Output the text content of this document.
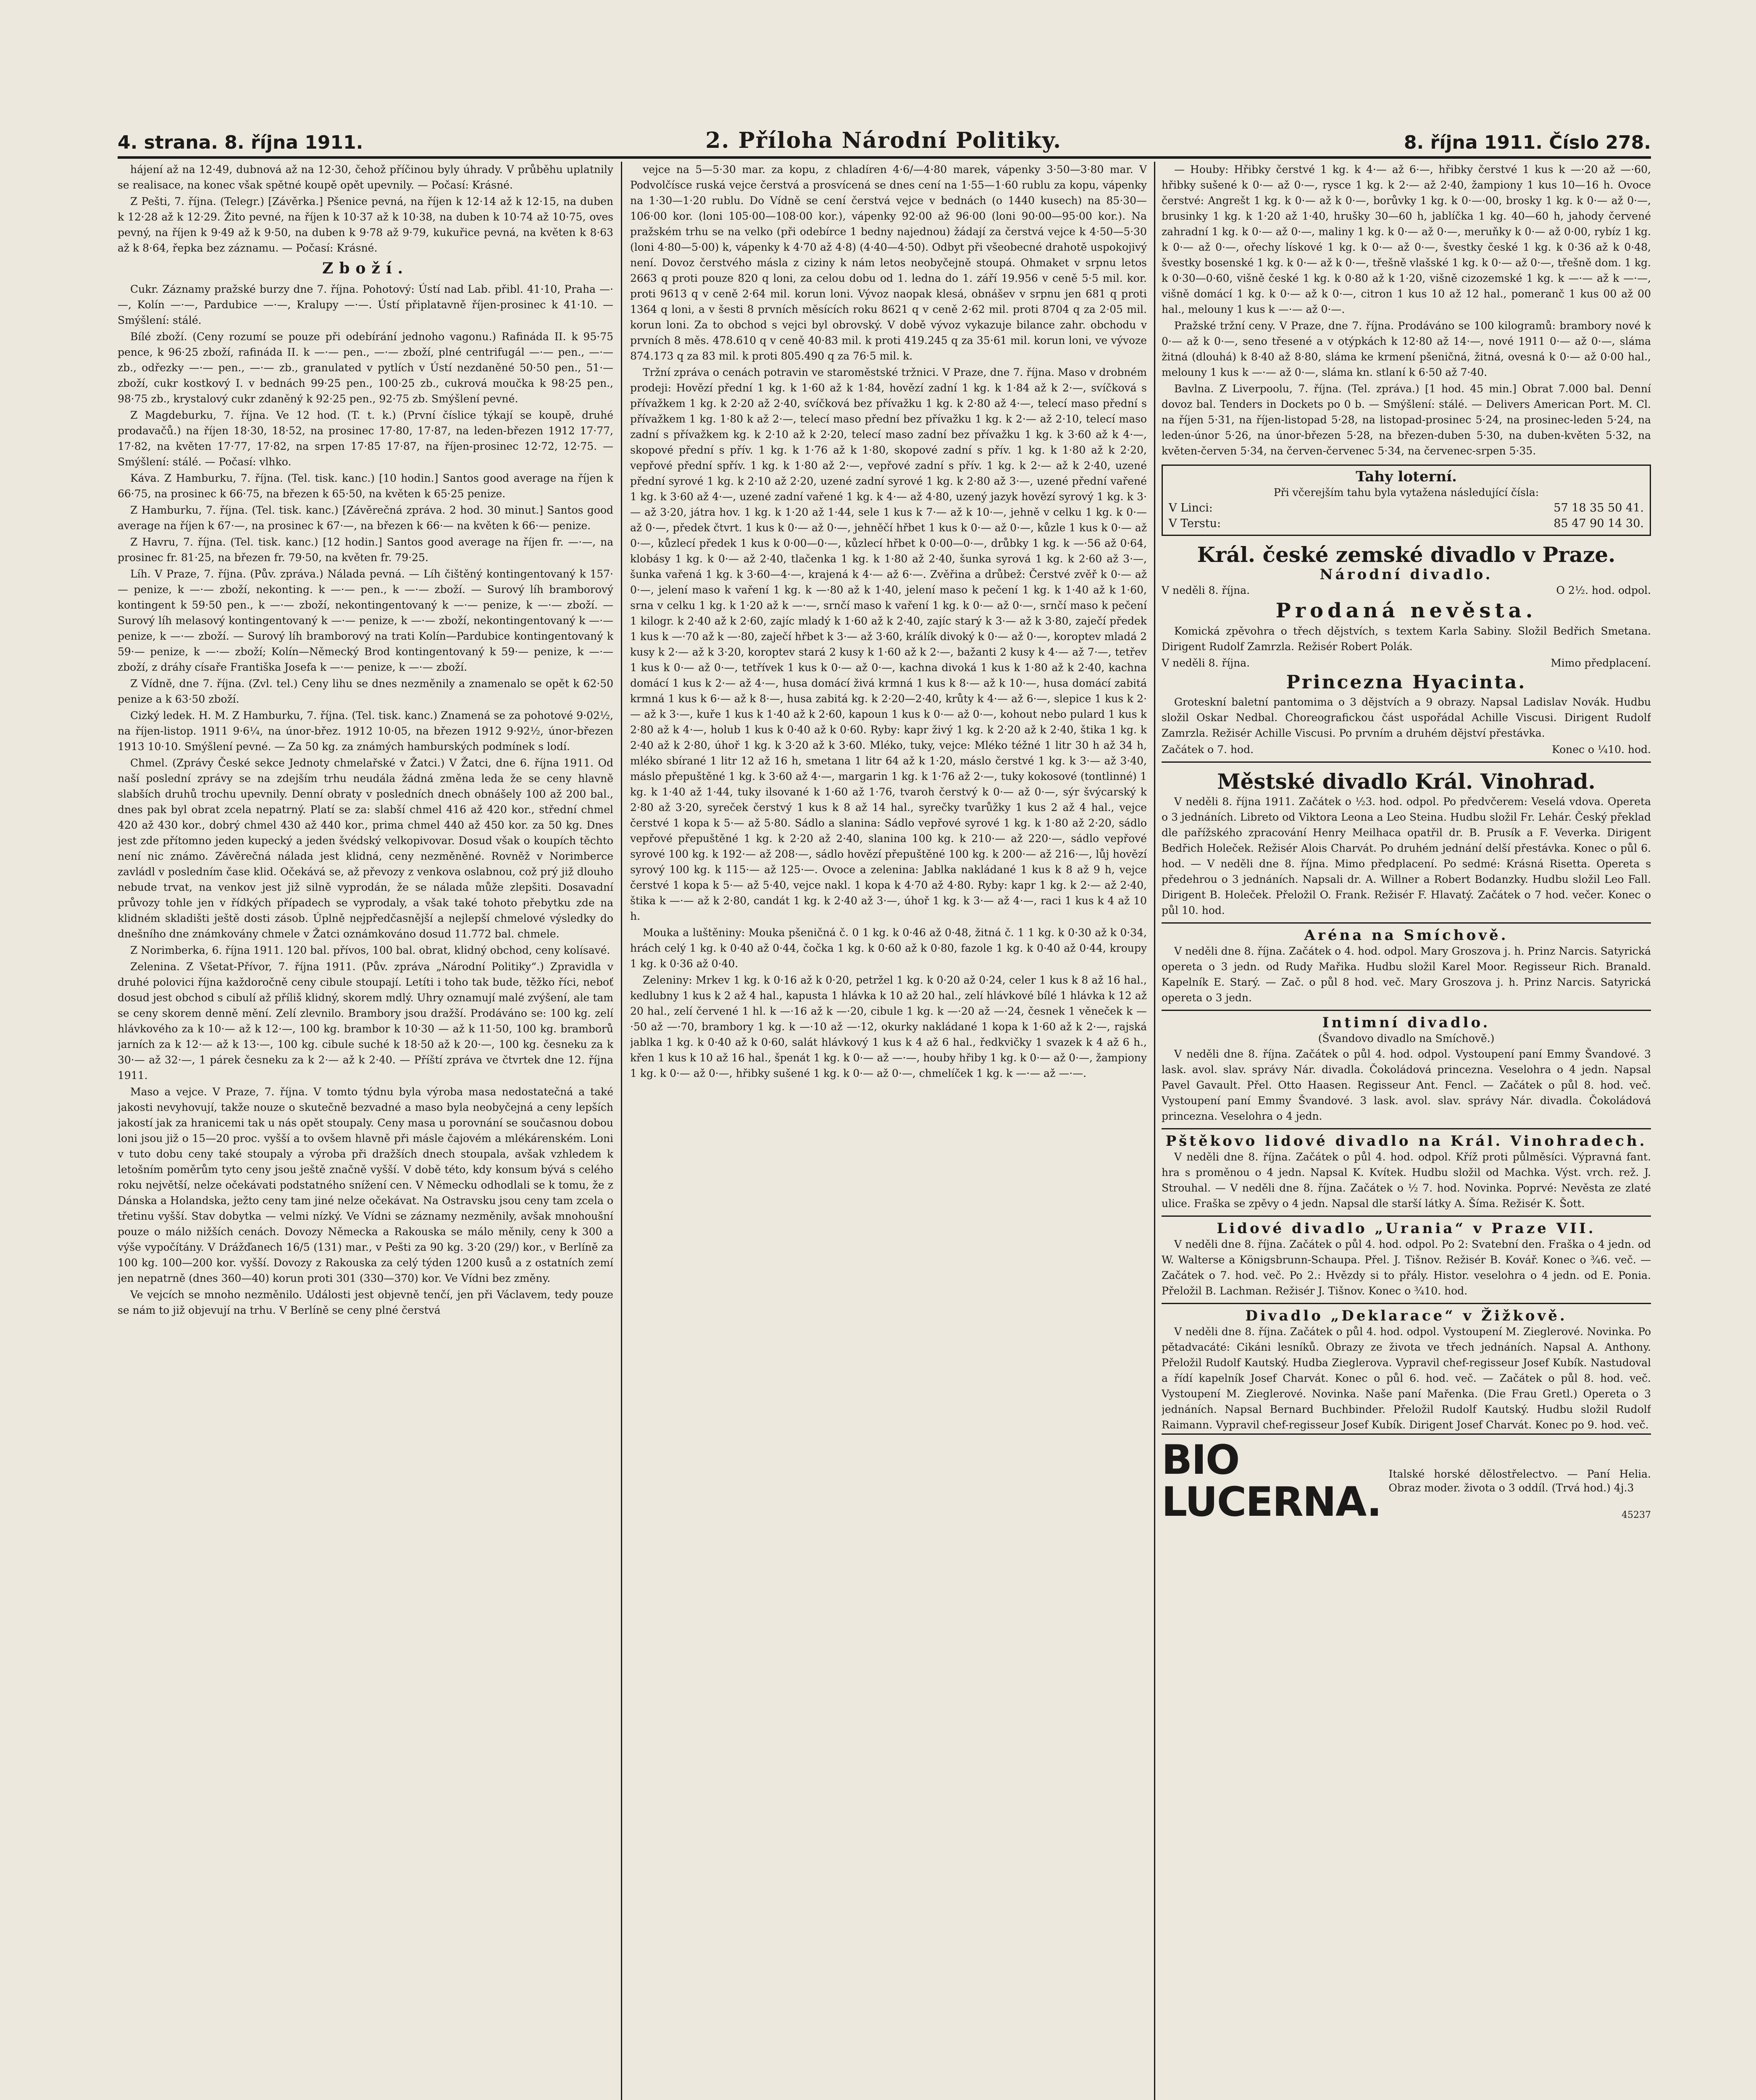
4. strana. 8. října 1911.	2. Příloha Národní Politiky.	8. října 1911. Číslo 278.

hájení až na 12·49, dubnová až na 12·30, čehož příčinou byly úhrady. V průběhu uplatnily se realisace, na konec však spětné koupě opět upevnily. — Počasí: Krásné.

Z Pešti, 7. října. (Telegr.) [Závěrka.] Pšenice pevná, na říjen k 12·14 až k 12·15, na duben k 12·28 až k 12·29. Žito pevné, na říjen k 10·37 až k 10·38, na duben k 10·74 až 10·75, oves pevný, na říjen k 9·49 až k 9·50, na duben k 9·78 až 9·79, kukuřice pevná, na květen k 8·63 až k 8·64, řepka bez záznamu. — Počasí: Krásné.

Zboží.

Cukr. Záznamy pražské burzy dne 7. října. Pohotový: Ústí nad Lab. přibl. 41·10, Praha —·—, Kolín —·—, Pardubice —·—, Kralupy —·—. Ústí připlatavně říjen-prosinec k 41·10. — Smýšlení: stálé.

Bílé zboží. (Ceny rozumí se pouze při odebírání jednoho vagonu.) Rafináda II. k 95·75 pence, k 96·25 zboží, rafináda II. k —·— pen., —·— zboží, plné centrifugál —·— pen., —·— zb., odřezky —·— pen., —·— zb., granulated v pytlích v Ústí nezdaněné 50·50 pen., 51·— zboží, cukr kostkový I. v bednách 99·25 pen., 100·25 zb., cukrová moučka k 98·25 pen., 98·75 zb., krystalový cukr zdaněný k 92·25 pen., 92·75 zb. Smýšlení pevné.

Z Magdeburku, 7. října. Ve 12 hod. (T. t. k.) (První číslice týkají se koupě, druhé prodavačů.) na říjen 18·30, 18·52, na prosinec 17·80, 17·87, na leden-březen 1912 17·77, 17·82, na květen 17·77, 17·82, na srpen 17·85 17·87, na říjen-prosinec 12·72, 12·75. — Smýšlení: stálé. — Počasí: vlhko.

Káva. Z Hamburku, 7. října. (Tel. tisk. kanc.) [10 hodin.] Santos good average na říjen k 66·75, na prosinec k 66·75, na březen k 65·50, na květen k 65·25 penize.

Z Hamburku, 7. října. (Tel. tisk. kanc.) [Závěrečná zpráva. 2 hod. 30 minut.] Santos good average na říjen k 67·—, na prosinec k 67·—, na březen k 66·— na květen k 66·— penize.

Z Havru, 7. října. (Tel. tisk. kanc.) [12 hodin.] Santos good average na říjen fr. —·—, na prosinec fr. 81·25, na březen fr. 79·50, na květen fr. 79·25.

Líh. V Praze, 7. října. (Pův. zpráva.) Nálada pevná. — Líh čištěný kontingentovaný k 157·— penize, k —·— zboží, nekonting. k —·— pen., k —·— zboží. — Surový líh bramborový kontingent k 59·50 pen., k —·— zboží, nekontingentovaný k —·— penize, k —·— zboží. — Surový líh melasový kontingentovaný k —·— penize, k —·— zboží, nekontingentovaný k —·— penize, k —·— zboží. — Surový líh bramborový na trati Kolín—Pardubice kontingentovaný k 59·— penize, k —·— zboží; Kolín—Německý Brod kontingentovaný k 59·— penize, k —·— zboží, z dráhy císaře Františka Josefa k —·— penize, k —·— zboží.

Z Vídně, dne 7. října. (Zvl. tel.) Ceny lihu se dnes nezměnily a znamenalo se opět k 62·50 penize a k 63·50 zboží.

Cizký ledek. H. M. Z Hamburku, 7. října. (Tel. tisk. kanc.) Znamená se za pohotové 9·02½, na říjen-listop. 1911 9·6¼, na únor-břez. 1912 10·05, na březen 1912 9·92½, únor-březen 1913 10·10. Smýšlení pevné. — Za 50 kg. za známých hamburských podmínek s lodí.

Chmel. (Zprávy České sekce Jednoty chmelařské v Žatci.) V Žatci, dne 6. října 1911. Od naší poslední zprávy se na zdejším trhu neudála žádná změna leda že se ceny hlavně slabších druhů trochu upevnily. Denní obraty v posledních dnech obnášely 100 až 200 bal., dnes pak byl obrat zcela nepatrný. Platí se za: slabší chmel 416 až 420 kor., střední chmel 420 až 430 kor., dobrý chmel 430 až 440 kor., prima chmel 440 až 450 kor. za 50 kg. Dnes jest zde přítomno jeden kupecký a jeden švédský velkopivovar. Dosud však o koupích těchto není nic známo. Závěrečná nálada jest klidná, ceny nezměněné. Rovněž v Norimberce zavládl v posledním čase klid. Očekává se, až převozy z venkova oslabnou, což prý již dlouho nebude trvat, na venkov jest již silně vyprodán, že se nálada může zlepšiti. Dosavadní průvozy tohle jen v řídkých případech se vyprodaly, a však také tohoto přebytku zde na klidném skladišti ještě dosti zásob. Úplně nejpředčasnější a nejlepší chmelové výsledky do dnešního dne známkovány chmele v Žatci oznámkováno dosud 11.772 bal. chmele.

Z Norimberka, 6. října 1911. 120 bal. přívos, 100 bal. obrat, klidný obchod, ceny kolísavé.

Zelenina. Z Všetat-Přívor, 7. října 1911. (Pův. zpráva „Národní Politiky“.) Zpravidla v druhé polovici října každoročně ceny cibule stoupají. Letíti i toho tak bude, těžko říci, neboť dosud jest obchod s cibulí až příliš klidný, skorem mdlý. Uhry oznamují malé zvýšení, ale tam se ceny skorem denně mění. Zelí zlevnilo. Brambory jsou dražší. Prodáváno se: 100 kg. zelí hlávkového za k 10·— až k 12·—, 100 kg. brambor k 10·30 — až k 11·50, 100 kg. bramborů jarních za k 12·— až k 13·—, 100 kg. cibule suché k 18·50 až k 20·—, 100 kg. česneku za k 30·— až 32·—, 1 párek česneku za k 2·— až k 2·40. — Příští zpráva ve čtvrtek dne 12. října 1911.

Maso a vejce. V Praze, 7. října. V tomto týdnu byla výroba masa nedostatečná a také jakosti nevyhovují, takže nouze o skutečně bezvadné a maso byla neobyčejná a ceny lepších jakostí jak za hranicemi tak u nás opět stoupaly. Ceny masa u porovnání se současnou dobou loni jsou již o 15—20 proc. vyšší a to ovšem hlavně při másle čajovém a mlékárenském. Loni v tuto dobu ceny také stoupaly a výroba při dražších dnech stoupala, avšak vzhledem k letošním poměrům tyto ceny jsou ještě značně vyšší. V době této, kdy konsum bývá s celého roku největší, nelze očekávati podstatného snížení cen. V Německu odhodlali se k tomu, že z Dánska a Holandska, ježto ceny tam jiné nelze očekávat. Na Ostravsku jsou ceny tam zcela o třetinu vyšší. Stav dobytka — velmi nízký. Ve Vídni se záznamy nezměnily, avšak mnohoušní pouze o málo nižších cenách. Dovozy Německa a Rakouska se málo měnily, ceny k 300 a výše vypočítány. V Drážďanech 16/5 (131) mar., v Pešti za 90 kg. 3·20 (29/) kor., v Berlíně za 100 kg. 100—200 kor. vyšší. Dovozy z Rakouska za celý týden 1200 kusů a z ostatních zemí jen nepatrně (dnes 360—40) korun proti 301 (330—370) kor. Ve Vídni bez změny.

Ve vejcích se mnoho nezměnilo. Události jest objevně tenčí, jen při Václavem, tedy pouze se nám to již objevují na trhu. V Berlíně se ceny plné čerstvá

vejce na 5—5·30 mar. za kopu, z chladíren 4·6/—4·80 marek, vápenky 3·50—3·80 mar. V Podvolčísce ruská vejce čerstvá a prosvícená se dnes cení na 1·55—1·60 rublu za kopu, vápenky na 1·30—1·20 rublu. Do Vídně se cení čerstvá vejce v bednách (o 1440 kusech) na 85·30—106·00 kor. (loni 105·00—108·00 kor.), vápenky 92·00 až 96·00 (loni 90·00—95·00 kor.). Na pražském trhu se na velko (při odebírce 1 bedny najednou) žádají za čerstvá vejce k 4·50—5·30 (loni 4·80—5·00) k, vápenky k 4·70 až 4·8) (4·40—4·50). Odbyt při všeobecné drahotě uspokojivý není. Dovoz čerstvého másla z ciziny k nám letos neobyčejně stoupá. Ohmaket v srpnu letos 2663 q proti pouze 820 q loni, za celou dobu od 1. ledna do 1. září 19.956 v ceně 5·5 mil. kor. proti 9613 q v ceně 2·64 mil. korun loni. Vývoz naopak klesá, obnášev v srpnu jen 681 q proti 1364 q loni, a v šesti 8 prvních měsících roku 8621 q v ceně 2·62 mil. proti 8704 q za 2·05 mil. korun loni. Za to obchod s vejci byl obrovský. V době vývoz vykazuje bilance zahr. obchodu v prvních 8 měs. 478.610 q v ceně 40·83 mil. k proti 419.245 q za 35·61 mil. korun loni, ve vývoze 874.173 q za 83 mil. k proti 805.490 q za 76·5 mil. k.

Tržní zpráva o cenách potravin ve staroměstské tržnici. V Praze, dne 7. října. Maso v drobném prodeji: Hovězí přední 1 kg. k 1·60 až k 1·84, hovězí zadní 1 kg. k 1·84 až k 2·—, svíčková s přívažkem 1 kg. k 2·20 až 2·40, svíčková bez přívažku 1 kg. k 2·80 až 4·—, telecí maso přední s přívažkem 1 kg. 1·80 k až 2·—, telecí maso přední bez přívažku 1 kg. k 2·— až 2·10, telecí maso zadní s přívažkem kg. k 2·10 až k 2·20, telecí maso zadní bez přívažku 1 kg. k 3·60 až k 4·—, skopové přední s přív. 1 kg. k 1·76 až k 1·80, skopové zadní s přív. 1 kg. k 1·80 až k 2·20, vepřové přední spřív. 1 kg. k 1·80 až 2·—, vepřové zadní s přív. 1 kg. k 2·— až k 2·40, uzené přední syrové 1 kg. k 2·10 až 2·20, uzené zadní syrové 1 kg. k 2·80 až 3·—, uzené přední vařené 1 kg. k 3·60 až 4·—, uzené zadní vařené 1 kg. k 4·— až 4·80, uzený jazyk hovězí syrový 1 kg. k 3·— až 3·20, játra hov. 1 kg. k 1·20 až 1·44, sele 1 kus k 7·— až k 10·—, jehně v celku 1 kg. k 0·— až 0·—, předek čtvrt. 1 kus k 0·— až 0·—, jehněčí hřbet 1 kus k 0·— až 0·—, kůzle 1 kus k 0·— až 0·—, kůzlecí předek 1 kus k 0·00—0·—, kůzlecí hřbet k 0·00—0·—, drůbky 1 kg. k —·56 až 0·64, klobásy 1 kg. k 0·— až 2·40, tlačenka 1 kg. k 1·80 až 2·40, šunka syrová 1 kg. k 2·60 až 3·—, šunka vařená 1 kg. k 3·60—4·—, krajená k 4·— až 6·—. Zvěřina a drůbež: Čerstvé zvěř k 0·— až 0·—, jelení maso k vaření 1 kg. k —·80 až k 1·40, jelení maso k pečení 1 kg. k 1·40 až k 1·60, srna v celku 1 kg. k 1·20 až k —·—, srnčí maso k vaření 1 kg. k 0·— až 0·—, srnčí maso k pečení 1 kilogr. k 2·40 až k 2·60, zajíc mladý k 1·60 až k 2·40, zajíc starý k 3·— až k 3·80, zaječí předek 1 kus k —·70 až k —·80, zaječí hřbet k 3·— až 3·60, králík divoký k 0·— až 0·—, koroptev mladá 2 kusy k 2·— až k 3·20, koroptev stará 2 kusy k 1·60 až k 2·—, bažanti 2 kusy k 4·— až 7·—, tetřev 1 kus k 0·— až 0·—, tetřívek 1 kus k 0·— až 0·—, kachna divoká 1 kus k 1·80 až k 2·40, kachna domácí 1 kus k 2·— až 4·—, husa domácí živá krmná 1 kus k 8·— až k 10·—, husa domácí zabitá krmná 1 kus k 6·— až k 8·—, husa zabitá kg. k 2·20—2·40, krůty k 4·— až 6·—, slepice 1 kus k 2·— až k 3·—, kuře 1 kus k 1·40 až k 2·60, kapoun 1 kus k 0·— až 0·—, kohout nebo pulard 1 kus k 2·80 až k 4·—, holub 1 kus k 0·40 až k 0·60. Ryby: kapr živý 1 kg. k 2·20 až k 2·40, štika 1 kg. k 2·40 až k 2·80, úhoř 1 kg. k 3·20 až k 3·60. Mléko, tuky, vejce: Mléko téžné 1 litr 30 h až 34 h, mléko sbírané 1 litr 12 až 16 h, smetana 1 litr 64 až k 1·20, máslo čerstvé 1 kg. k 3·— až 3·40, máslo přepuštěné 1 kg. k 3·60 až 4·—, margarin 1 kg. k 1·76 až 2·—, tuky kokosové (tontlinné) 1 kg. k 1·40 až 1·44, tuky ilsované k 1·60 až 1·76, tvaroh čerstvý k 0·— až 0·—, sýr švýcarský k 2·80 až 3·20, syreček čerstvý 1 kus k 8 až 14 hal., syrečky tvarůžky 1 kus 2 až 4 hal., vejce čerstvé 1 kopa k 5·— až 5·80. Sádlo a slanina: Sádlo vepřové syrové 1 kg. k 1·80 až 2·20, sádlo vepřové přepuštěné 1 kg. k 2·20 až 2·40, slanina 100 kg. k 210·— až 220·—, sádlo vepřové syrové 100 kg. k 192·— až 208·—, sádlo hovězí přepuštěné 100 kg. k 200·— až 216·—, lůj hovězí syrový 100 kg. k 115·— až 125·—. Ovoce a zelenina: Jablka nakládané 1 kus k 8 až 9 h, vejce čerstvé 1 kopa k 5·— až 5·40, vejce nakl. 1 kopa k 4·70 až 4·80. Ryby: kapr 1 kg. k 2·— až 2·40, štika k —·— až k 2·80, candát 1 kg. k 2·40 až 3·—, úhoř 1 kg. k 3·— až 4·—, raci 1 kus k 4 až 10 h.

Mouka a luštěniny: Mouka pšeničná č. 0 1 kg. k 0·46 až 0·48, žitná č. 1 1 kg. k 0·30 až k 0·34, hrách celý 1 kg. k 0·40 až 0·44, čočka 1 kg. k 0·60 až k 0·80, fazole 1 kg. k 0·40 až 0·44, kroupy 1 kg. k 0·36 až 0·40.

Zeleniny: Mrkev 1 kg. k 0·16 až k 0·20, petržel 1 kg. k 0·20 až 0·24, celer 1 kus k 8 až 16 hal., kedlubny 1 kus k 2 až 4 hal., kapusta 1 hlávka k 10 až 20 hal., zelí hlávkové bílé 1 hlávka k 12 až 20 hal., zelí červené 1 hl. k —·16 až k —·20, cibule 1 kg. k —·20 až —·24, česnek 1 věneček k —·50 až —·70, brambory 1 kg. k —·10 až —·12, okurky nakládané 1 kopa k 1·60 až k 2·—, rajská jablka 1 kg. k 0·40 až k 0·60, salát hlávkový 1 kus k 4 až 6 hal., ředkvičky 1 svazek k 4 až 6 h., křen 1 kus k 10 až 16 hal., špenát 1 kg. k 0·— až —·—, houby hřiby 1 kg. k 0·— až 0·—, žampiony 1 kg. k 0·— až 0·—, hřibky sušené 1 kg. k 0·— až 0·—, chmelíček 1 kg. k —·— až —·—.

— Houby: Hřibky čerstvé 1 kg. k 4·— až 6·—, hřibky čerstvé 1 kus k —·20 až —·60, hřibky sušené k 0·— až 0·—, rysce 1 kg. k 2·— až 2·40, žampiony 1 kus 10—16 h. Ovoce čerstvé: Angrešt 1 kg. k 0·— až k 0·—, borůvky 1 kg. k 0·—·00, brosky 1 kg. k 0·— až 0·—, brusinky 1 kg. k 1·20 až 1·40, hrušky 30—60 h, jablíčka 1 kg. 40—60 h, jahody červené zahradní 1 kg. k 0·— až 0·—, maliny 1 kg. k 0·— až 0·—, meruňky k 0·— až 0·00, rybíz 1 kg. k 0·— až 0·—, ořechy lískové 1 kg. k 0·— až 0·—, švestky české 1 kg. k 0·36 až k 0·48, švestky bosenské 1 kg. k 0·— až k 0·—, třešně vlašské 1 kg. k 0·— až 0·—, třešně dom. 1 kg. k 0·30—0·60, višně české 1 kg. k 0·80 až k 1·20, višně cizozemské 1 kg. k —·— až k —·—, višně domácí 1 kg. k 0·— až k 0·—, citron 1 kus 10 až 12 hal., pomeranč 1 kus 00 až 00 hal., melouny 1 kus k —·— až 0·—.

Pražské tržní ceny. V Praze, dne 7. října. Prodáváno se 100 kilogramů: brambory nové k 0·— až k 0·—, seno třesené a v otýpkách k 12·80 až 14·—, nové 1911 0·— až 0·—, sláma žitná (dlouhá) k 8·40 až 8·80, sláma ke krmení pšeničná, žitná, ovesná k 0·— až 0·00 hal., melouny 1 kus k —·— až 0·—, sláma kn. stlaní k 6·50 až 7·40.

Bavlna. Z Liverpoolu, 7. října. (Tel. zpráva.) [1 hod. 45 min.] Obrat 7.000 bal. Denní dovoz bal. Tenders in Dockets po 0 b. — Smýšlení: stálé. — Delivers American Port. M. Cl. na říjen 5·31, na říjen-listopad 5·28, na listopad-prosinec 5·24, na prosinec-leden 5·24, na leden-únor 5·26, na únor-březen 5·28, na březen-duben 5·30, na duben-květen 5·32, na květen-červen 5·34, na červen-červenec 5·34, na červenec-srpen 5·35.

Tahy loterní.
Při včerejším tahu byla vytažena následující čísla:
V Linci:	57 18 35 50 41.
V Terstu:	85 47 90 14 30.
Král. české zemské divadlo v Praze.
Národní divadlo.
V neděli 8. října.	O 2½. hod. odpol.
Prodaná nevěsta.

Komická zpěvohra o třech dějstvích, s textem Karla Sabiny. Složil Bedřich Smetana. Dirigent Rudolf Zamrzla. Režisér Robert Polák.

V neděli 8. října.	Mimo předplacení.
Princezna Hyacinta.

Groteskní baletní pantomima o 3 dějstvích a 9 obrazy. Napsal Ladislav Novák. Hudbu složil Oskar Nedbal. Choreografickou část uspořádal Achille Viscusi. Dirigent Rudolf Zamrzla. Režisér Achille Viscusi. Po prvním a druhém dějství přestávka.

Začátek o 7. hod.	Konec o ¼10. hod.
Městské divadlo Král. Vinohrad.

V neděli 8. října 1911. Začátek o ½3. hod. odpol. Po předvčerem: Veselá vdova. Opereta o 3 jednáních. Libreto od Viktora Leona a Leo Steina. Hudbu složil Fr. Lehár. Český překlad dle pařížského zpracování Henry Meilhaca opatřil dr. B. Prusík a F. Veverka. Dirigent Bedřich Holeček. Režisér Alois Charvát. Po druhém jednání delší přestávka. Konec o půl 6. hod. — V neděli dne 8. října. Mimo předplacení. Po sedmé: Krásná Risetta. Opereta s předehrou o 3 jednáních. Napsali dr. A. Willner a Robert Bodanzky. Hudbu složil Leo Fall. Dirigent B. Holeček. Přeložil O. Frank. Režisér F. Hlavatý. Začátek o 7 hod. večer. Konec o půl 10. hod.

Aréna na Smíchově.

V neděli dne 8. října. Začátek o 4. hod. odpol. Mary Groszova j. h. Prinz Narcis. Satyrická opereta o 3 jedn. od Rudy Mařika. Hudbu složil Karel Moor. Regisseur Rich. Branald. Kapelník E. Starý. — Zač. o půl 8 hod. več. Mary Groszova j. h. Prinz Narcis. Satyrická opereta o 3 jedn.

Intimní divadlo.
(Švandovo divadlo na Smíchově.)

V neděli dne 8. října. Začátek o půl 4. hod. odpol. Vystoupení paní Emmy Švandové. 3 lask. avol. slav. správy Nár. divadla. Čokoládová princezna. Veselohra o 4 jedn. Napsal Pavel Gavault. Přel. Otto Haasen. Regisseur Ant. Fencl. — Začátek o půl 8. hod. več. Vystoupení paní Emmy Švandové. 3 lask. avol. slav. správy Nár. divadla. Čokoládová princezna. Veselohra o 4 jedn.

Pštěkovo lidové divadlo na Král. Vinohradech.

V neděli dne 8. října. Začátek o půl 4. hod. odpol. Kříž proti půlměsíci. Výpravná fant. hra s proměnou o 4 jedn. Napsal K. Kvítek. Hudbu složil od Machka. Výst. vrch. rež. J. Strouhal. — V neděli dne 8. října. Začátek o ½ 7. hod. Novinka. Poprvé: Nevěsta ze zlaté ulice. Fraška se zpěvy o 4 jedn. Napsal dle starší látky A. Šíma. Režisér K. Šott.

Lidové divadlo „Urania“ v Praze VII.

V neděli dne 8. října. Začátek o půl 4. hod. odpol. Po 2: Svatební den. Fraška o 4 jedn. od W. Walterse a Königsbrunn-Schaupa. Přel. J. Tišnov. Režisér B. Kovář. Konec o ¾6. več. — Začátek o 7. hod. več. Po 2.: Hvězdy si to přály. Histor. veselohra o 4 jedn. od E. Ponia. Přeložil B. Lachman. Režisér J. Tišnov. Konec o ¾10. hod.

Divadlo „Deklarace“ v Žižkově.

V neděli dne 8. října. Začátek o půl 4. hod. odpol. Vystoupení M. Zieglerové. Novinka. Po pětadvacáté: Cikáni lesníků. Obrazy ze života ve třech jednáních. Napsal A. Anthony. Přeložil Rudolf Kautský. Hudba Zieglerova. Vypravil chef-regisseur Josef Kubík. Nastudoval a řídí kapelník Josef Charvát. Konec o půl 6. hod. več. — Začátek o půl 8. hod. več. Vystoupení M. Zieglerové. Novinka. Naše paní Mařenka. (Die Frau Gretl.) Opereta o 3 jednáních. Napsal Bernard Buchbinder. Přeložil Rudolf Kautský. Hudbu složil Rudolf Raimann. Vypravil chef-regisseur Josef Kubík. Dirigent Josef Charvát. Konec po 9. hod. več.

BIO LUCERNA.
Italské horské dělostřelectvo. — Paní Helia. Obraz moder. života o 3 oddíl. (Trvá hod.) 4j.3
45237
